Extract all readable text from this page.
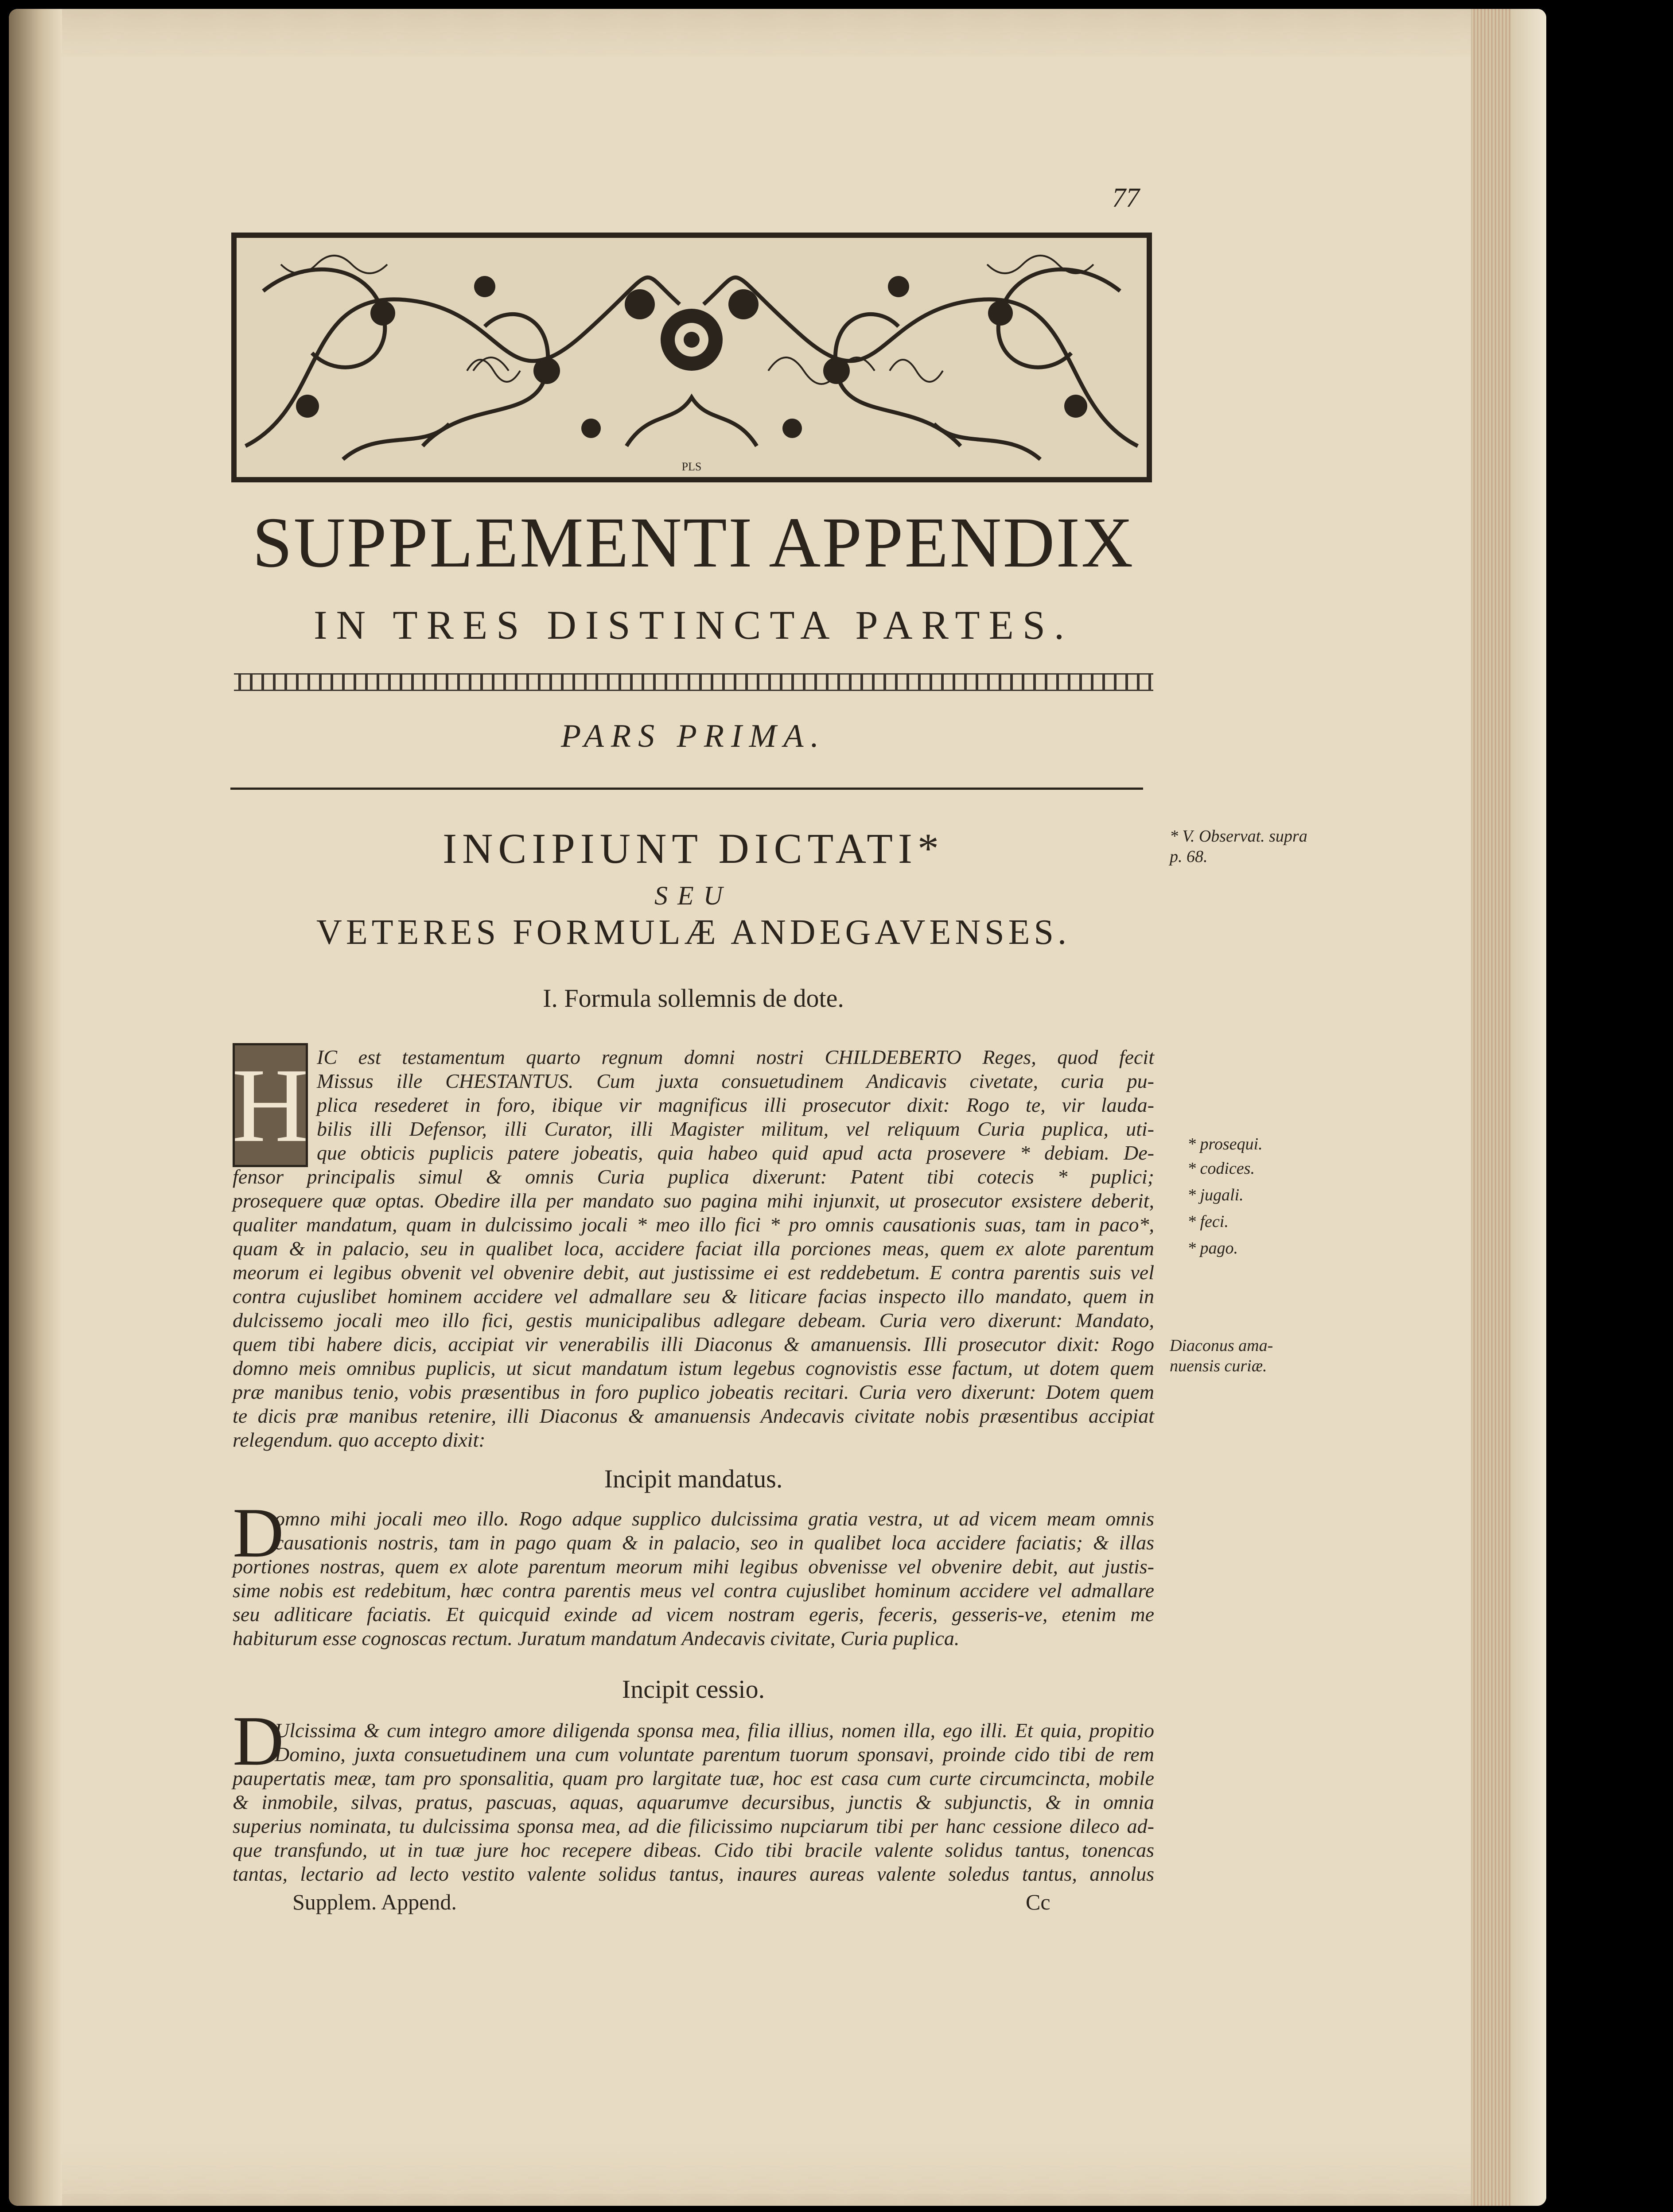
77
PLS
SUPPLEMENTI APPENDIX
IN TRES DISTINCTA PARTES.
PARS PRIMA.
INCIPIUNT DICTATI*
SEU
VETERES FORMULÆ ANDEGAVENSES.
I. Formula sollemnis de dote.
H IC est testamentum quarto regnum domni nostri CHILDEBERTO Reges, quod fecit

Missus ille CHESTANTUS. Cum juxta consuetudinem Andicavis civetate, curia pu-

plica resederet in foro, ibique vir magnificus illi prosecutor dixit: Rogo te, vir lauda-

bilis illi Defensor, illi Curator, illi Magister militum, vel reliquum Curia puplica, uti-

que obticis puplicis patere jobeatis, quia habeo quid apud acta prosevere * debiam. De-

fensor principalis simul & omnis Curia puplica dixerunt: Patent tibi cotecis * puplici;

prosequere quæ optas. Obedire illa per mandato suo pagina mihi injunxit, ut prosecutor exsistere deberit,

qualiter mandatum, quam in dulcissimo jocali * meo illo fici * pro omnis causationis suas, tam in paco*,

quam & in palacio, seu in qualibet loca, accidere faciat illa porciones meas, quem ex alote parentum

meorum ei legibus obvenit vel obvenire debit, aut justissime ei est reddebetum. E contra parentis suis vel

contra cujuslibet hominem accidere vel admallare seu & liticare facias inspecto illo mandato, quem in

dulcissemo jocali meo illo fici, gestis municipalibus adlegare debeam. Curia vero dixerunt: Mandato,

quem tibi habere dicis, accipiat vir venerabilis illi Diaconus & amanuensis. Illi prosecutor dixit: Rogo

domno meis omnibus puplicis, ut sicut mandatum istum legebus cognovistis esse factum, ut dotem quem

præ manibus tenio, vobis præsentibus in foro puplico jobeatis recitari. Curia vero dixerunt: Dotem quem

te dicis præ manibus retenire, illi Diaconus & amanuensis Andecavis civitate nobis præsentibus accipiat

relegendum. quo accepto dixit:

Incipit mandatus.
D

omno mihi jocali meo illo. Rogo adque supplico dulcissima gratia vestra, ut ad vicem meam omnis

causationis nostris, tam in pago quam & in palacio, seo in qualibet loca accidere faciatis; & illas

portiones nostras, quem ex alote parentum meorum mihi legibus obvenisse vel obvenire debit, aut justis-

sime nobis est redebitum, hæc contra parentis meus vel contra cujuslibet hominum accidere vel admallare

seu adliticare faciatis. Et quicquid exinde ad vicem nostram egeris, feceris, gesseris-ve, etenim me

habiturum esse cognoscas rectum. Juratum mandatum Andecavis civitate, Curia puplica.

Incipit cessio.
D

Ulcissima & cum integro amore diligenda sponsa mea, filia illius, nomen illa, ego illi. Et quia, propitio

Domino, juxta consuetudinem una cum voluntate parentum tuorum sponsavi, proinde cido tibi de rem

paupertatis meæ, tam pro sponsalitia, quam pro largitate tuæ, hoc est casa cum curte circumcincta, mobile

& inmobile, silvas, pratus, pascuas, aquas, aquarumve decursibus, junctis & subjunctis, & in omnia

superius nominata, tu dulcissima sponsa mea, ad die filicissimo nupciarum tibi per hanc cessione dileco ad-

que transfundo, ut in tuæ jure hoc recepere dibeas. Cido tibi bracile valente solidus tantus, tonencas

tantas, lectario ad lecto vestito valente solidus tantus, inaures aureas valente soledus tantus, annolus

* V. Observat. supra p. 68.
* prosequi.
* codices.
* jugali.
* feci.
* pago.
Diaconus ama-nuensis curiæ.
Supplem. Append.	Cc
